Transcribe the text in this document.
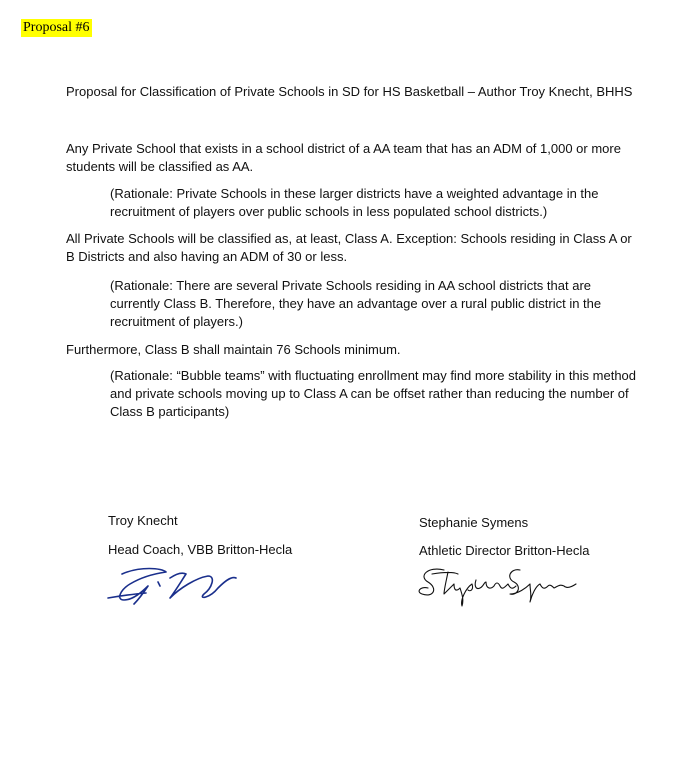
Proposal #6
Proposal for Classification of Private Schools in SD for HS Basketball – Author Troy Knecht, BHHS

Any Private School that exists in a school district of a AA team that has an ADM of 1,000 or more students will be classified as AA.

(Rationale: Private Schools in these larger districts have a weighted advantage in the recruitment of players over public schools in less populated school districts.)

All Private Schools will be classified as, at least, Class A. Exception: Schools residing in Class A or B Districts and also having an ADM of 30 or less.

(Rationale: There are several Private Schools residing in AA school districts that are currently Class B. Therefore, they have an advantage over a rural public district in the recruitment of players.)

Furthermore, Class B shall maintain 76 Schools minimum.

(Rationale: “Bubble teams” with fluctuating enrollment may find more stability in this method and private schools moving up to Class A can be offset rather than reducing the number of Class B participants)

Troy Knecht
Head Coach, VBB Britton-Hecla
Stephanie Symens
Athletic Director Britton-Hecla
